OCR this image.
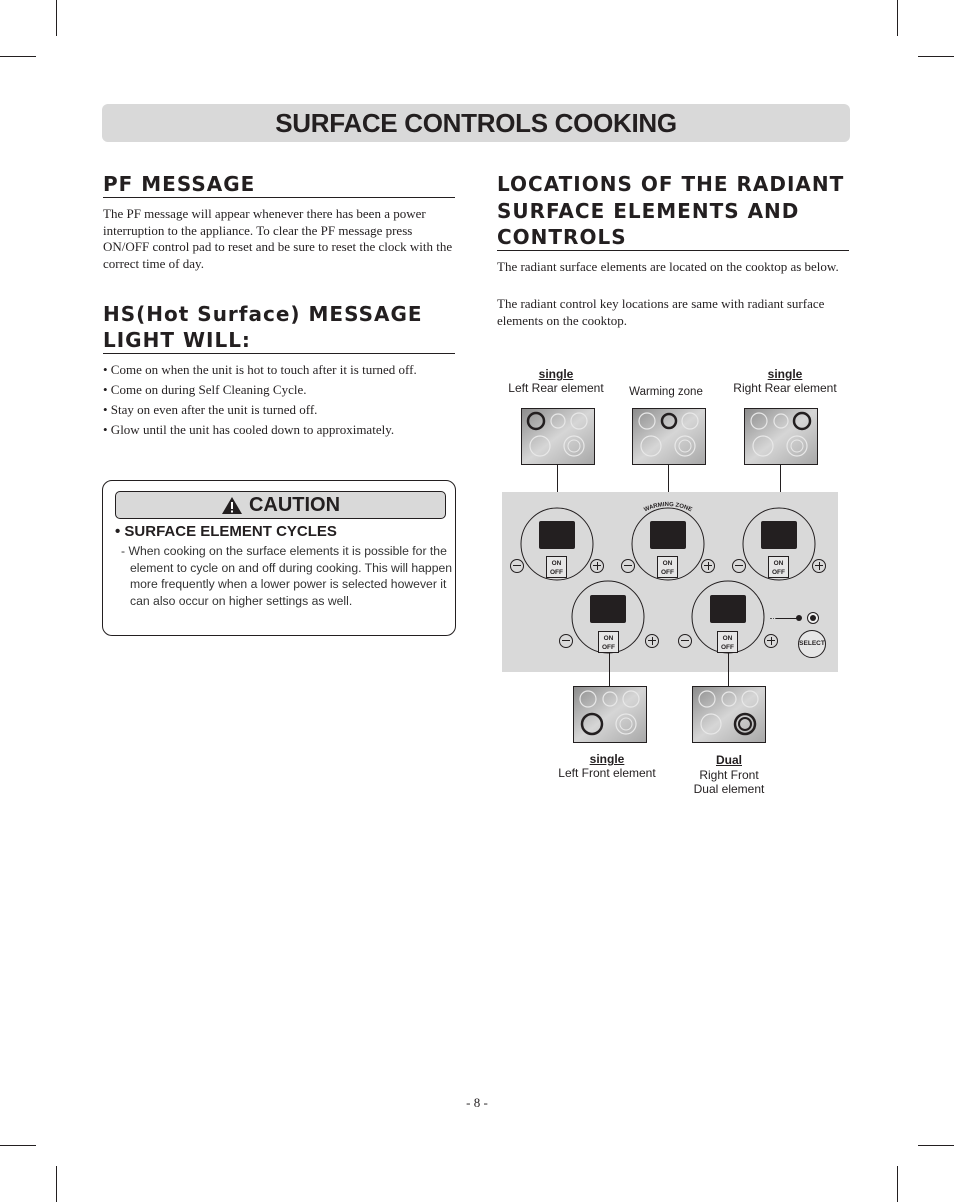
SURFACE CONTROLS COOKING
PF MESSAGE

The PF message will appear whenever there has been a power interruption to the appliance. To clear the PF message press ON/OFF control pad to reset and be sure to reset the clock with the correct time of day.

HS(Hot Surface) MESSAGE
LIGHT WILL:
• Come on when the unit is hot to touch after it is turned off.
• Come on during Self Cleaning Cycle.
• Stay on even after the unit is turned off.
• Glow until the unit has cooled down to approximately.
CAUTION
• SURFACE ELEMENT CYCLES

- When cooking on the surface elements it is possible for the element to cycle on and off during cooking. This will happen more frequently when a lower power is selected however it can also occur on higher settings as well.

LOCATIONS OF THE RADIANT
SURFACE ELEMENTS AND
CONTROLS

The radiant surface elements are located on the cooktop as below.

The radiant control key locations are same with radiant surface elements on the cooktop.

single
Left Rear element	Warming zone
single
Right Rear element
WARMING ZONE
ON
OFF
ON
OFF
ON
OFF
ON
OFF
ON
OFF
SELECT
single
Left Front element
Dual
Right Front
Dual element
- 8 -
